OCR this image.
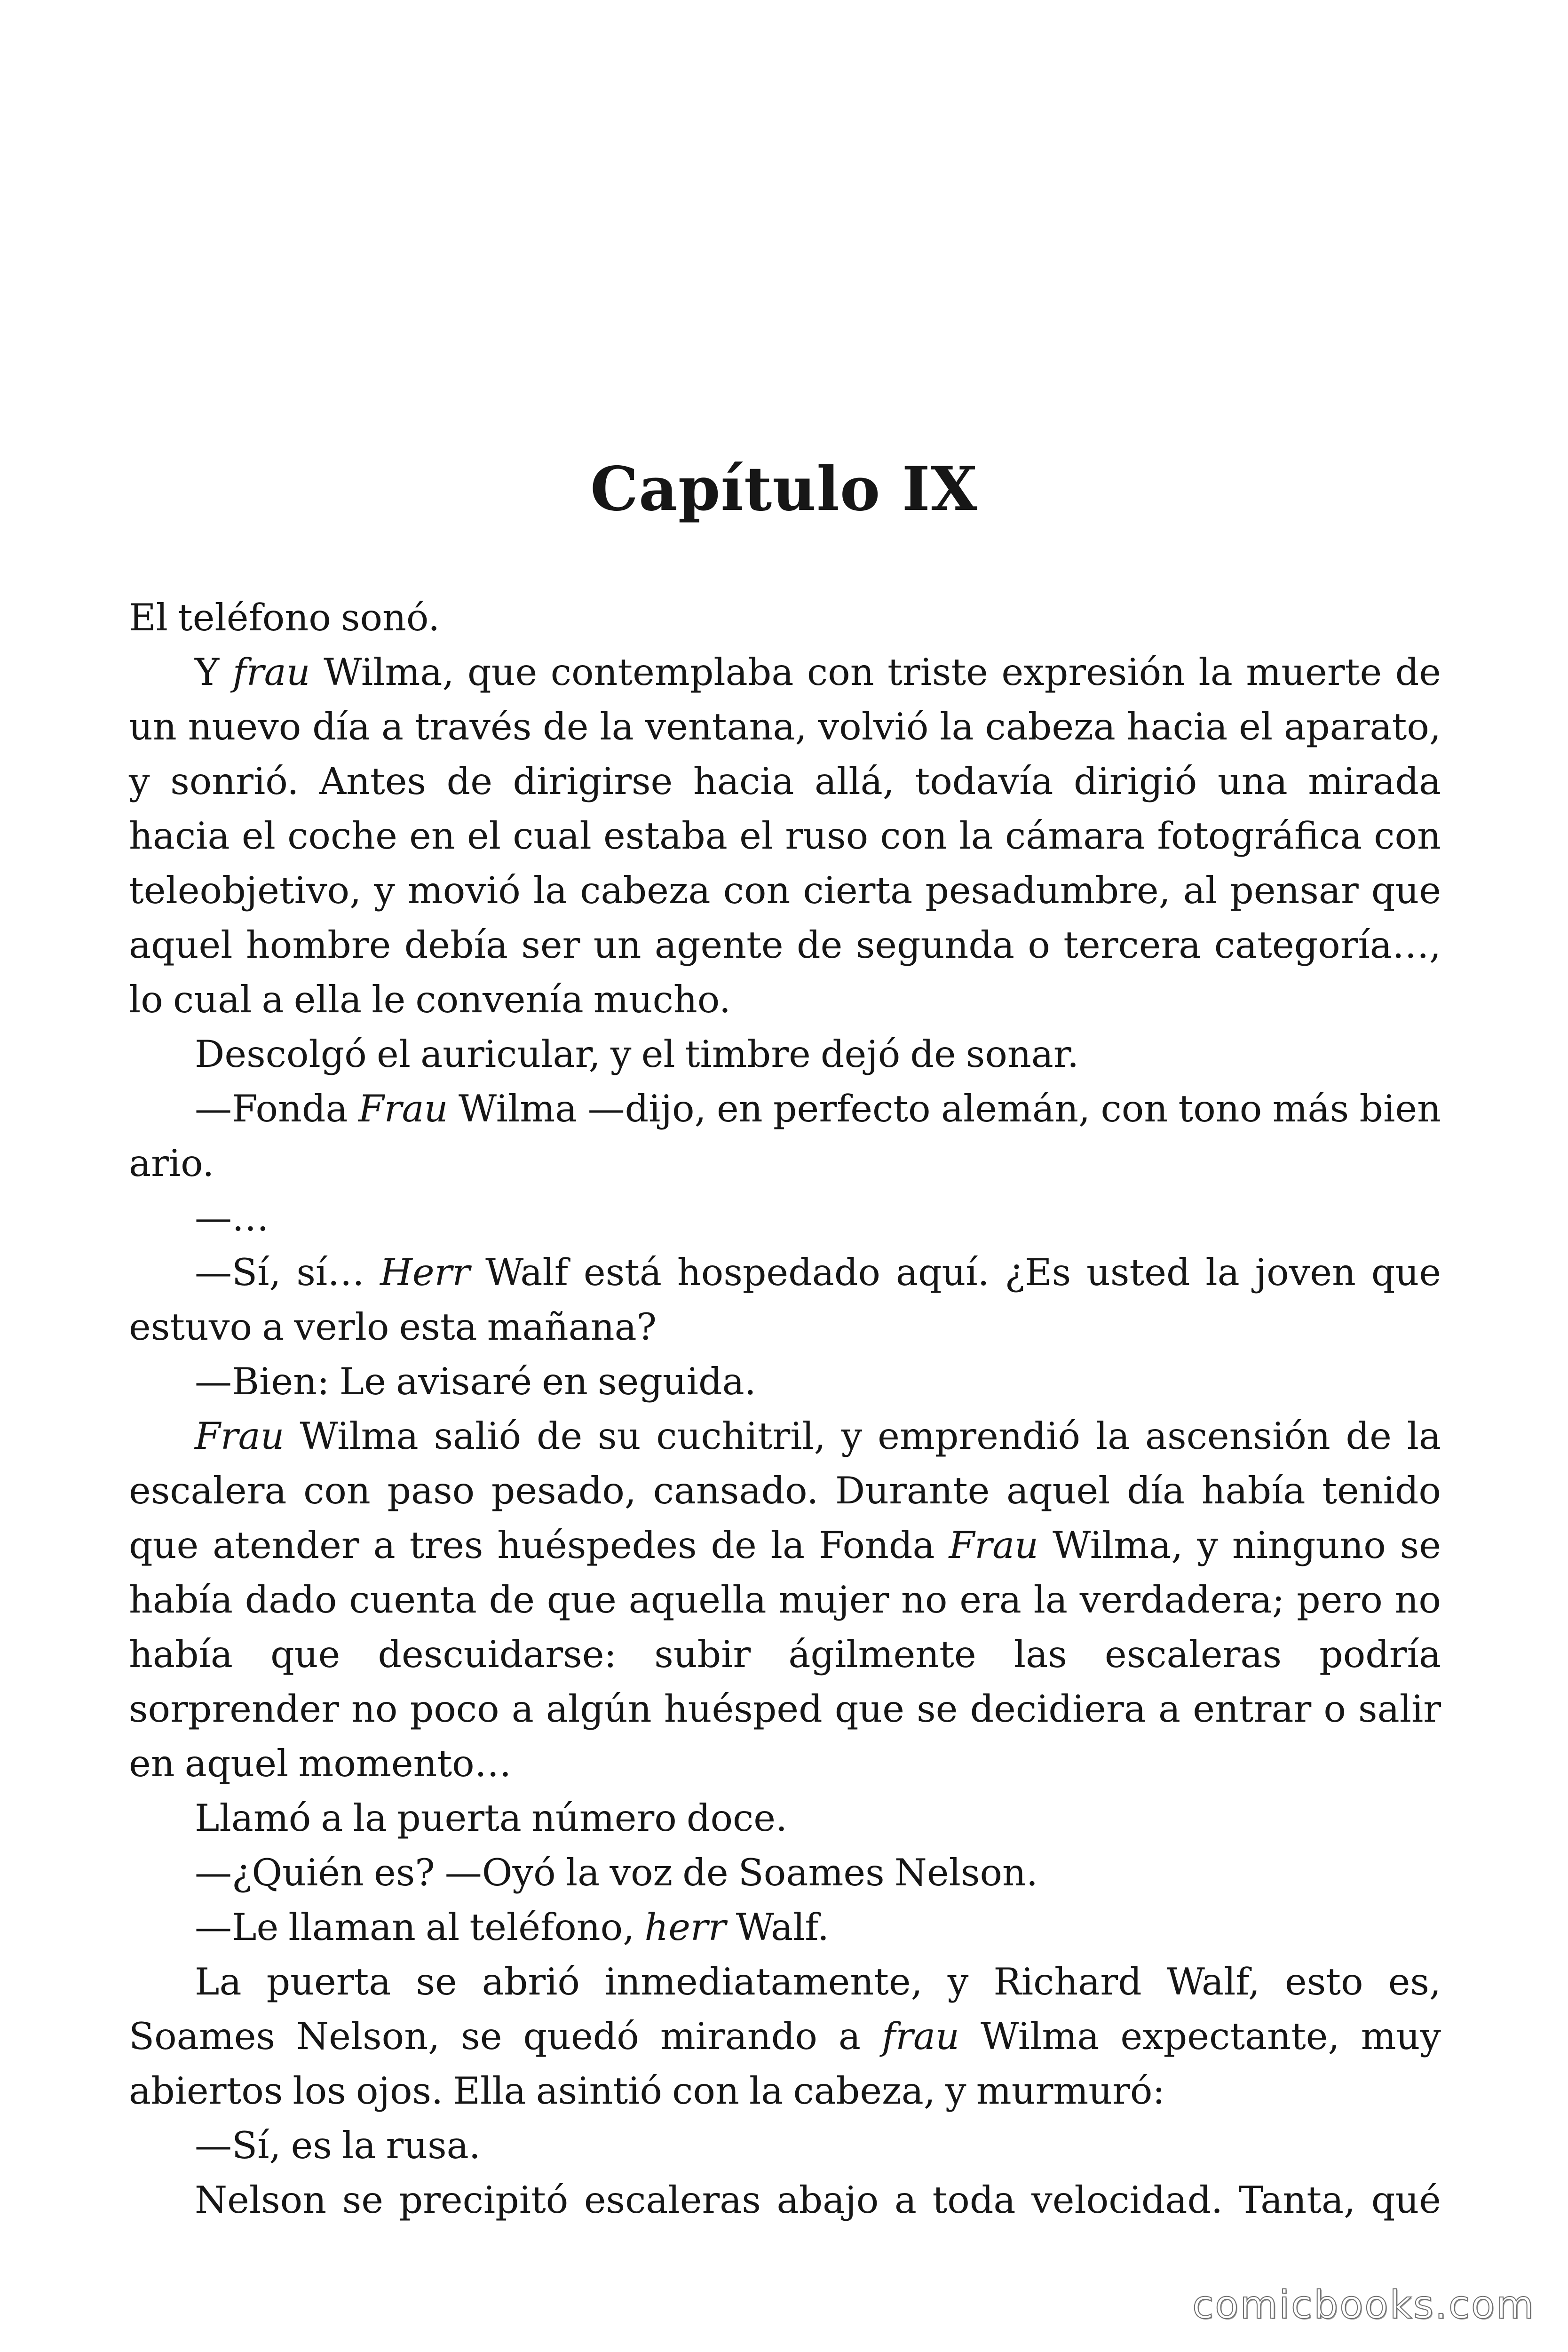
Capítulo IX

El teléfono sonó.

Y frau Wilma, que contemplaba con triste expresión la muerte de un nuevo día a través de la ventana, volvió la cabeza hacia el aparato, y sonrió. Antes de dirigirse hacia allá, todavía dirigió una mirada hacia el coche en el cual estaba el ruso con la cámara fotográfica con teleobjetivo, y movió la cabeza con cierta pesadumbre, al pensar que aquel hombre debía ser un agente de segunda o tercera categoría…, lo cual a ella le convenía mucho.

Descolgó el auricular, y el timbre dejó de sonar.

—Fonda Frau Wilma —dijo, en perfecto alemán, con tono más bien ario.

—…

—Sí, sí… Herr Walf está hospedado aquí. ¿Es usted la joven que estuvo a verlo esta mañana?

—Bien: Le avisaré en seguida.

Frau Wilma salió de su cuchitril, y emprendió la ascensión de la escalera con paso pesado, cansado. Durante aquel día había tenido que atender a tres huéspedes de la Fonda Frau Wilma, y ninguno se había dado cuenta de que aquella mujer no era la verdadera; pero no había que descuidarse: subir ágilmente las escaleras podría sorprender no poco a algún huésped que se decidiera a entrar o salir en aquel momento…

Llamó a la puerta número doce.

—¿Quién es? —Oyó la voz de Soames Nelson.

—Le llaman al teléfono, herr Walf.

La puerta se abrió inmediatamente, y Richard Walf, esto es, Soames Nelson, se quedó mirando a frau Wilma expectante, muy abiertos los ojos. Ella asintió con la cabeza, y murmuró:

—Sí, es la rusa.

Nelson se precipitó escaleras abajo a toda velocidad. Tanta, qué

comicbooks.com
